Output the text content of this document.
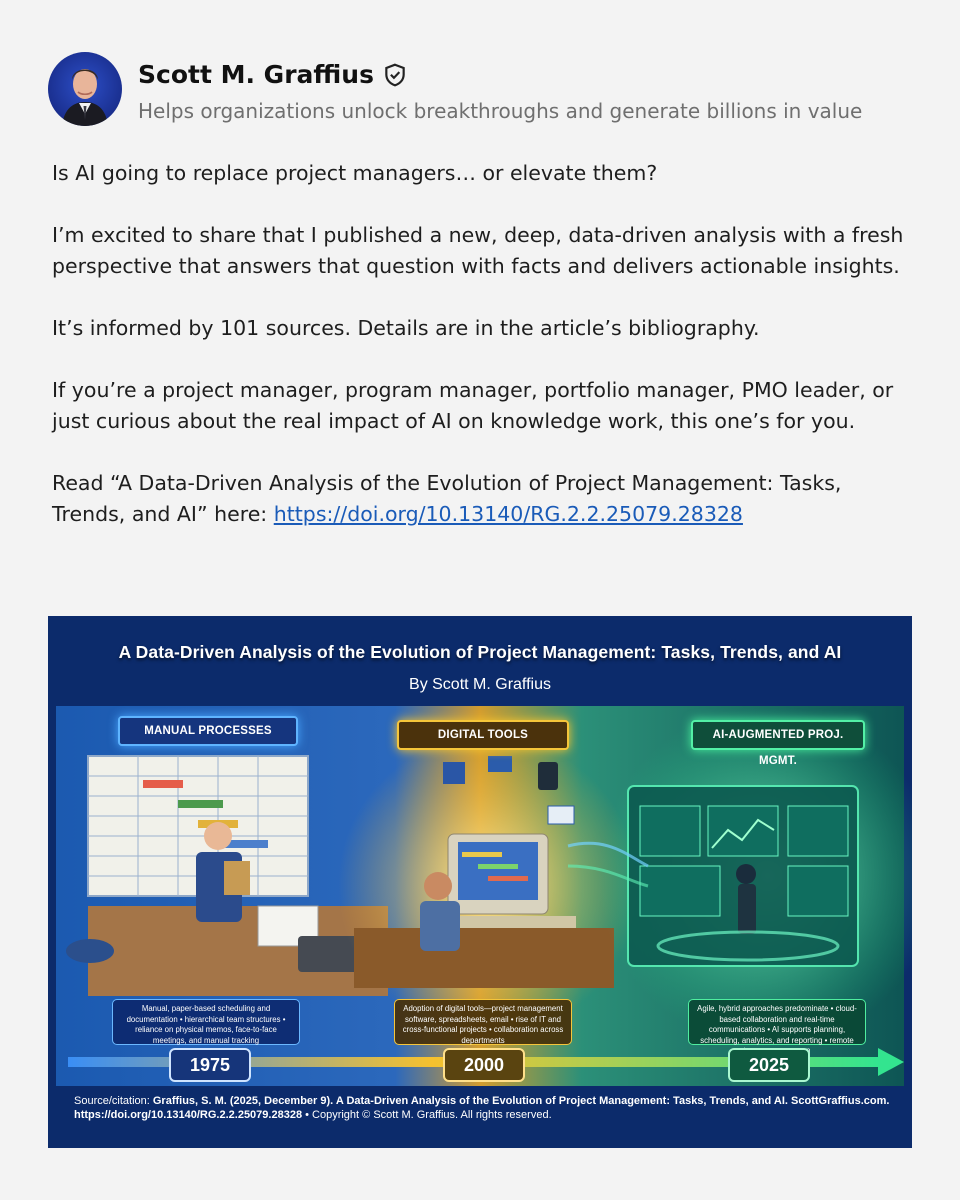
Scott M. Graffius
Helps organizations unlock breakthroughs and generate billions in value

Is AI going to replace project managers… or elevate them?

I’m excited to share that I published a new, deep, data-driven analysis with a fresh perspective that answers that question with facts and delivers actionable insights.

It’s informed by 101 sources. Details are in the article’s bibliography.

If you’re a project manager, program manager, portfolio manager, PMO leader, or just curious about the real impact of AI on knowledge work, this one’s for you.

Read “A Data-Driven Analysis of the Evolution of Project Management: Tasks, Trends, and AI” here: https://doi.org/10.13140/RG.2.2.25079.28328

A Data-Driven Analysis of the Evolution of Project Management: Tasks, Trends, and AI
By Scott M. Graffius
MANUAL PROCESSES	DIGITAL TOOLS	AI-AUGMENTED PROJ. MGMT.
Manual, paper-based scheduling and documentation • hierarchical team structures • reliance on physical memos, face-to-face meetings, and manual tracking
Adoption of digital tools—project management software, spreadsheets, email • rise of IT and cross-functional projects • collaboration across departments
Agile, hybrid approaches predominate • cloud-based collaboration and real-time communications • AI supports planning, scheduling, analytics, and reporting • remote
1975	2000	2025
Source/citation: Graffius, S. M. (2025, December 9). A Data-Driven Analysis of the Evolution of Project Management: Tasks, Trends, and AI. ScottGraffius.com. https://doi.org/10.13140/RG.2.2.25079.28328 • Copyright © Scott M. Graffius. All rights reserved.
